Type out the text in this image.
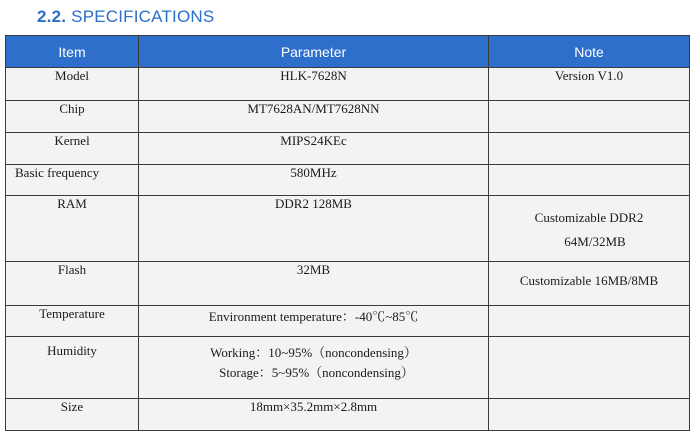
2.2. SPECIFICATIONS
Item	Parameter	Note
Model	HLK-7628N	Version V1.0
Chip	MT7628AN/MT7628NN	
Kernel	MIPS24KEc	
Basic frequency	580MHz	
RAM	DDR2 128MB	Customizable DDR2
64M/32MB

Flash	32MB	Customizable 16MB/8MB
Temperature	Environment temperature：-40℃~85℃	
Humidity	Working：10~95%（noncondensing）
Storage：5~95%（noncondensing）	

Size	18mm×35.2mm×2.8mm	
